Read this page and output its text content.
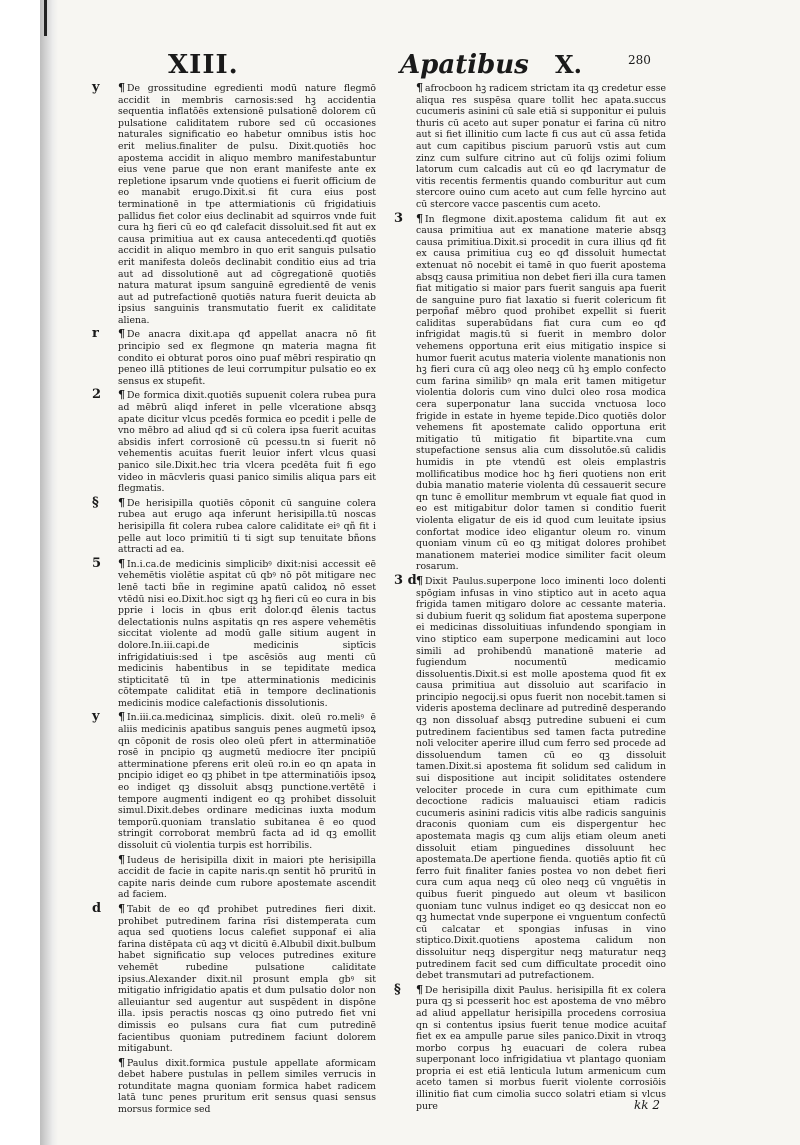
XIII.	Apatibus X.	280

y ¶ De grossitudine egredienti modū nature flegmō accidit in membris carnosis:sed hꝫ accidentia sequentia inflatōēs extensionē pulsationē dolorem cū pulsatione caliditatem rubore sed cū occasiones naturales significatio eo habetur omnibus istis hoc erit melius.finaliter de pulsu. Dixit.quotiēs hoc apostema accidit in aliquo membro manifestabuntur eius vene parue que non erant manifeste ante ex repletione ipsarum vnde quotiens ei fuerit officium de eo manabit erugo.Dixit.si fit cura eius post terminationē in tpe attermiationis cū frigidatiuis pallidus fiet color eius declinabit ad squirros vnde fuit cura hꝫ fieri cū eo qđ calefacit dissoluit.sed fit aut ex causa primitiua aut ex causa antecedenti.qđ quotiēs accidit in aliquo membro in quo erit sanguis pulsatio erit manifesta doleōs declinabit conditio eius ad tria aut ad dissolutionē aut ad cōgregationē quotiēs natura maturat ipsum sanguinē egredientē de venis aut ad putrefactionē quotiēs natura fuerit deuicta ab ipsius sanguinis transmutatio fuerit ex caliditate aliena.

r ¶ De anacra dixit.apa qđ appellat anacra nō fit principio sed ex flegmone qn materia magna fit condito ei obturat poros oino puaf mēbri respiratio qn peneo illā ptitiones de leui corrumpitur pulsatio eo ex sensus ex stupefit.

2 ¶ De formica dixit.quotiēs supuenit colera rubea pura ad mēbrū aliqd inferet in pelle vlceratione absqꝫ apate dicitur vlcus pcedēs formica eo pcedit i pelle de vno mēbro ad aliud qđ si cū colera ipsa fuerit acuitas absidis infert corrosionē cū pcessu.tn si fuerit nō vehementis acuitas fuerit leuior infert vlcus quasi panico sile.Dixit.hec tria vlcera pcedēta fuit fi ego video in mācvleris quasi panico similis aliqua pars eit flegmatis.

§ ¶ De herisipilla quotiēs cōponit cū sanguine colera rubea aut erugo aqa inferunt herisipilla.tū noscas herisipilla fit colera rubea calore caliditate eiꝰ qñ fit i pelle aut loco primitiū ti ti sigt sup tenuitate bñons attracti ad ea.

5 ¶ In.i.ca.de medicinis simplicibꝰ dixit:nisi accessit eē vehemētis violētie aspitat cū qbꝰ nō pōt mitigare nec lenē tacti bñe in regimine apatū calidoꝝ nō esset vtēdū nisi eo.Dixit.hoc sigt qꝫ hꝫ fieri cū eo cura in bis pprie i locis in qbus erit dolor.qđ ēlenis tactus delectationis nulns aspitatis qn res aspere vehemētis siccitat violente ad modū galle sitium augent in dolore.In.iii.capi.de medicinis siptīcis infrigidatiuis:sed i tpe ascēsiōs aug menti cū medicinis habentibus in se tepiditate medica stipticitatē tū in tpe atterminationis medicinis cōtempate caliditat etiā in tempore declinationis medicinis modice calefactionis dissolutionis.

y ¶ In.iii.ca.medicinaꝝ simplicis. dixit. oleū ro.meliꝰ ē aliis medicinis apatibus sanguis penes augmetū ipsoꝝ qn cōponit de rosis oleo oleū pfert in atterminatiōe rosē in pncipio qꝫ augmetū mediocre īter pncipiū atterminatione pferens erit oleū ro.in eo qn apata in pncipio idiget eo qꝫ phibet in tpe atterminatiōis ipsoꝝ eo indiget qꝫ dissoluit absqꝫ punctione.vertētē i tempore augmenti indigent eo qꝫ prohibet dissoluit simul.Dixit.debes ordinare medicinas iuxta modum temporū.quoniam translatio subitanea ē eo quod stringit corroborat membrū facta ad id qꝫ emollit dissoluit cū violentia turpis est horribilis.

¶ Iudeus de herisipilla dixit in maiori pte herisipilla accidit de facie in capite naris.qn sentit hō pruritū in capite naris deinde cum rubore apostemate ascendit ad faciem.

d ¶ Tabit de eo qđ prohibet putredines fieri dixit. prohibet putredinem farina rīsi distemperata cum aqua sed quotiens locus calefiet supponaf ei alia farina distēpata cū aqꝫ vt dicitū ē.Albubil dixit.bulbum habet significatio sup veloces putredines exiture vehemēt rubedine pulsatione caliditate ipsius.Alexander dixit.nil prosunt empla gbꝰ sit mitigatio infrigidatio apatis et dum pulsatio dolor non alleuiantur sed augentur aut suspēdent in dispōne illa. ipsis peractis noscas qꝫ oino putredo fiet vni dimissis eo pulsans cura fiat cum putredinē facientibus quoniam putredinem faciunt dolorem mitigabunt.

¶ Paulus dixit.formica pustule appellate aformicam debet habere pustulas in pellem similes verrucis in rotunditate magna quoniam formica habet radicem latā tunc penes pruritum erit sensus quasi sensus morsus formice sed

¶ afrocboon hꝫ radicem strictam ita qꝫ credetur esse aliqua res suspēsa quare tollit hec apata.succus cucumeris asinini cū sale etiā si supponitur ei puluis thuris cū aceto aut super ponatur ei farina cū nitro aut si fiet illinitio cum lacte fi cus aut cū assa fetida aut cum capitibus piscium paruorū vstis aut cum zinz cum sulfure citrino aut cū folijs ozimi folium latorum cum calcadis aut cū eo qđ lacrymatur de vitis recentis fermentis quando comburitur aut cum stercore ouino cum aceto aut cum felle hyrcino aut cū stercore vacce pascentis cum aceto.

3 ¶ In flegmone dixit.apostema calidum fit aut ex causa primitiua aut ex manatione materie absqꝫ causa primitiua.Dixit.si procedit in cura illius qđ fit ex causa primitiua cuꝫ eo qđ dissoluit humectat extenuat nō nocebit ei tamē in quo fuerit apostema absqꝫ causa primitiua non debet fieri illa cura tamen fiat mitigatio si maior pars fuerit sanguis apa fuerit de sanguine puro fiat laxatio si fuerit colericum fit perpoñaf mēbro quod prohibet expellit si fuerit caliditas superabūdans fiat cura cum eo qđ infrigidat magis.tū si fuerit in membro dolor vehemens opportuna erit eius mitigatio inspice si humor fuerit acutus materia violente manationis non hꝫ fieri cura cū aqꝫ oleo neqꝫ cū hꝫ emplo confecto cum farina similibꝰ qn mala erit tamen mitigetur violentia doloris cum vino dulci oleo rosa modica cera superponatur lana succida vnctuosa loco frigide in estate in hyeme tepide.Dico quotiēs dolor vehemens fit apostemate calido opportuna erit mitigatio tū mitigatio fit bipartite.vna cum stupefactione sensus alia cum dissolutōe.sū calidis humidis in pte vtendū est oleis emplastris mollificatibus modice hoc hꝫ fieri quotiens non erit dubia manatio materie violenta dū cessauerit secure qn tunc ē emollitur membrum vt equale fiat quod in eo est mitigabitur dolor tamen si conditio fuerit violenta eligatur de eis id quod cum leuitate ipsius confortat modice ideo eligantur oleum ro. vinum quoniam vinum cū eo qꝫ mitigat dolores prohibet manationem materiei modice similiter facit oleum rosarum.

3 d ¶ Dixit Paulus.superpone loco iminenti loco dolenti spōgiam infusas in vino stiptico aut in aceto aqua frigida tamen mitigaro dolore ac cessante materia. si dubium fuerit qꝫ solidum fiat apostema superpone ei medicinas dissoluitiuas infundendo spongiam in vino stiptico eam superpone medicamini aut loco simili ad prohibendū manationē materie ad fugiendum nocumentū medicamio dissoluentis.Dixit.si est molle apostema quod fit ex causa primitiua aut dissoluio aut scarifacio in principio negocij.si opus fuerit non nocebit.tamen si videris apostema declinare ad putredinē desperando qꝫ non dissoluaf absqꝫ putredine subueni ei cum putredinem facientibus sed tamen facta putredine noli velociter aperire illud cum ferro sed procede ad dissoluendum tamen cū eo qꝫ dissoluit tamen.Dixit.si apostema fit solidum sed calidum in sui dispositione aut incipit soliditates ostendere velociter procede in cura cum epithimate cum decoctione radicis maluauisci etiam radicis cucumeris asinini radicis vitis albe radicis sanguinis draconis quoniam cum eis dispergentur hec apostemata magis qꝫ cum alijs etiam oleum aneti dissoluit etiam pinguedines dissoluunt hec apostemata.De apertione fienda. quotiēs aptio fit cū ferro fuit finaliter fanies postea vo non debet fieri cura cum aqua neqꝫ cū oleo neqꝫ cū vnguētis in quibus fuerit pinguedo aut oleum vt basilicon quoniam tunc vulnus indiget eo qꝫ desiccat non eo qꝫ humectat vnde superpone ei vnguentum confectū cū calcatar et spongias infusas in vino stiptico.Dixit.quotiens apostema calidum non dissoluitur neqꝫ dispergitur neqꝫ maturatur neqꝫ putredinem facit sed cum difficultate procedit oino debet transmutari ad putrefactionem.

§ ¶ De herisipilla dixit Paulus. herisipilla fit ex colera pura qꝫ si pcesserit hoc est apostema de vno mēbro ad aliud appellatur herisipilla procedens corrosiua qn si contentus ipsius fuerit tenue modice acuitaf fiet ex ea ampulle parue siles panico.Dixit in vtroqꝫ morbo corpus hꝫ euacuari de colera rubea superponant loco infrigidatiua vt plantago quoniam propria ei est etiā lenticula lutum armenicum cum aceto tamen si morbus fuerit violente corrosiōis illinitio fiat cum cimolia succo solatri etiam si vlcus pure	kk 2
